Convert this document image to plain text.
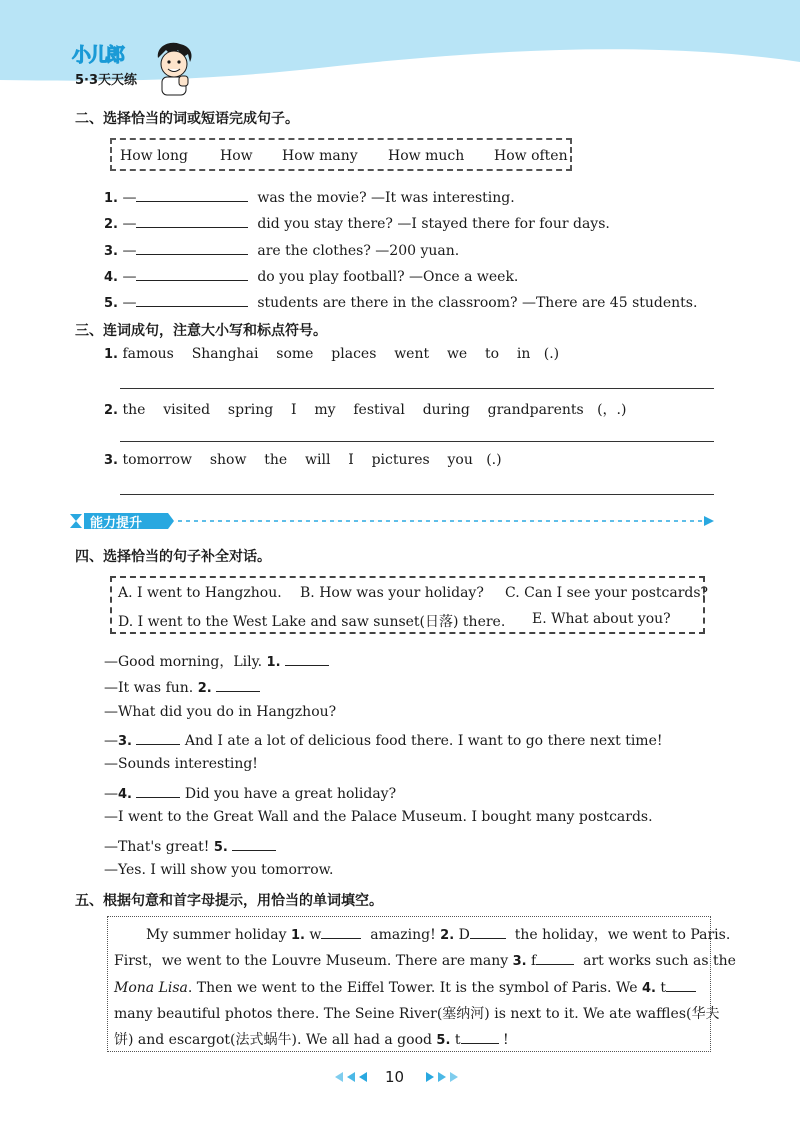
小儿郎
5·3天天练
二、选择恰当的词或短语完成句子。
How long How How many How much How often
1. —	was the movie? —It was interesting.
2. —	did you stay there? —I stayed there for four days.
3. —	are the clothes? —200 yuan.
4. —	do you play football? —Once a week.
5. —	students are there in the classroom? —There are 45 students.
三、连词成句，注意大小写和标点符号。
1. famous Shanghai some places went we to in (.)
2. the visited spring I my festival during grandparents (，.)
3. tomorrow show the will I pictures you (.)
能力提升
四、选择恰当的句子补全对话。
A. I went to Hangzhou. B. How was your holiday? C. Can I see your postcards?
D. I went to the West Lake and saw sunset(日落) there. E. What about you?
—Good morning，Lily. 1.
—It was fun. 2.
—What did you do in Hangzhou?
—3.	And I ate a lot of delicious food there. I want to go there next time!
—Sounds interesting!
—4.	Did you have a great holiday?
—I went to the Great Wall and the Palace Museum. I bought many postcards.
—That's great! 5.
—Yes. I will show you tomorrow.
五、根据句意和首字母提示，用恰当的单词填空。
My summer holiday 1. w	amazing! 2. D	the holiday，we went to Paris.
First，we went to the Louvre Museum. There are many 3. f	art works such as the
Mona Lisa. Then we went to the Eiffel Tower. It is the symbol of Paris. We 4. t
many beautiful photos there. The Seine River(塞纳河) is next to it. We ate waffles(华夫
饼) and escargot(法式蜗牛). We all had a good 5. t	!
10
